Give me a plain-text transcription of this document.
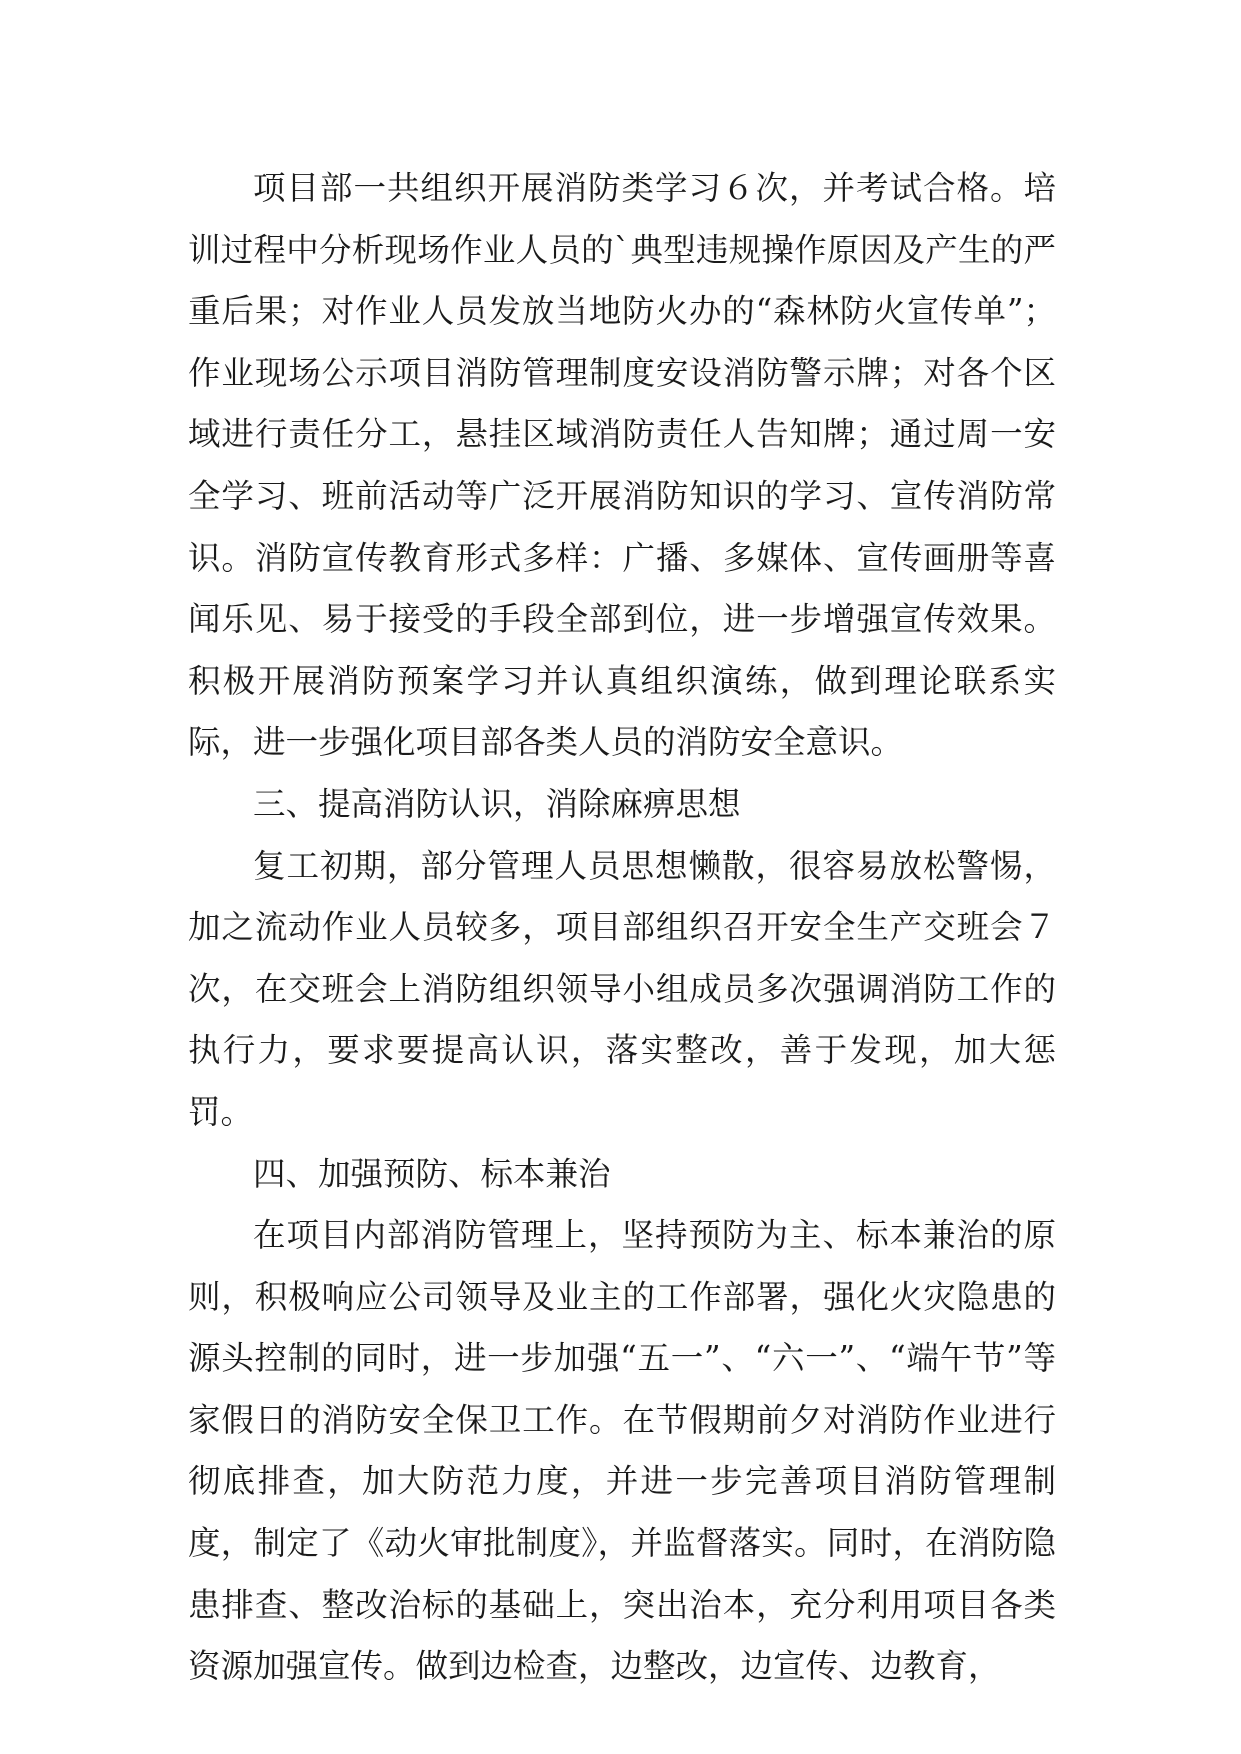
项目部一共组织开展消防类学习６次，并考试合格。培训过程中分析现场作业人员的`典型违规操作原因及产生的严重后果；对作业人员发放当地防火办的“森林防火宣传单”；作业现场公示项目消防管理制度安设消防警示牌；对各个区域进行责任分工，悬挂区域消防责任人告知牌；通过周一安全学习、班前活动等广泛开展消防知识的学习、宣传消防常识。消防宣传教育形式多样：广播、多媒体、宣传画册等喜闻乐见、易于接受的手段全部到位，进一步增强宣传效果。积极开展消防预案学习并认真组织演练，做到理论联系实际，进一步强化项目部各类人员的消防安全意识。

三、提高消防认识，消除麻痹思想

复工初期，部分管理人员思想懒散，很容易放松警惕，加之流动作业人员较多，项目部组织召开安全生产交班会７次，在交班会上消防组织领导小组成员多次强调消防工作的执行力，要求要提高认识，落实整改，善于发现，加大惩罚。

四、加强预防、标本兼治

在项目内部消防管理上，坚持预防为主、标本兼治的原则，积极响应公司领导及业主的工作部署，强化火灾隐患的源头控制的同时，进一步加强“五一”、“六一”、“端午节”等家假日的消防安全保卫工作。在节假期前夕对消防作业进行彻底排查，加大防范力度，并进一步完善项目消防管理制度，制定了《动火审批制度》，并监督落实。同时，在消防隐患排查、整改治标的基础上，突出治本，充分利用项目各类资源加强宣传。做到边检查，边整改，边宣传、边教育，
